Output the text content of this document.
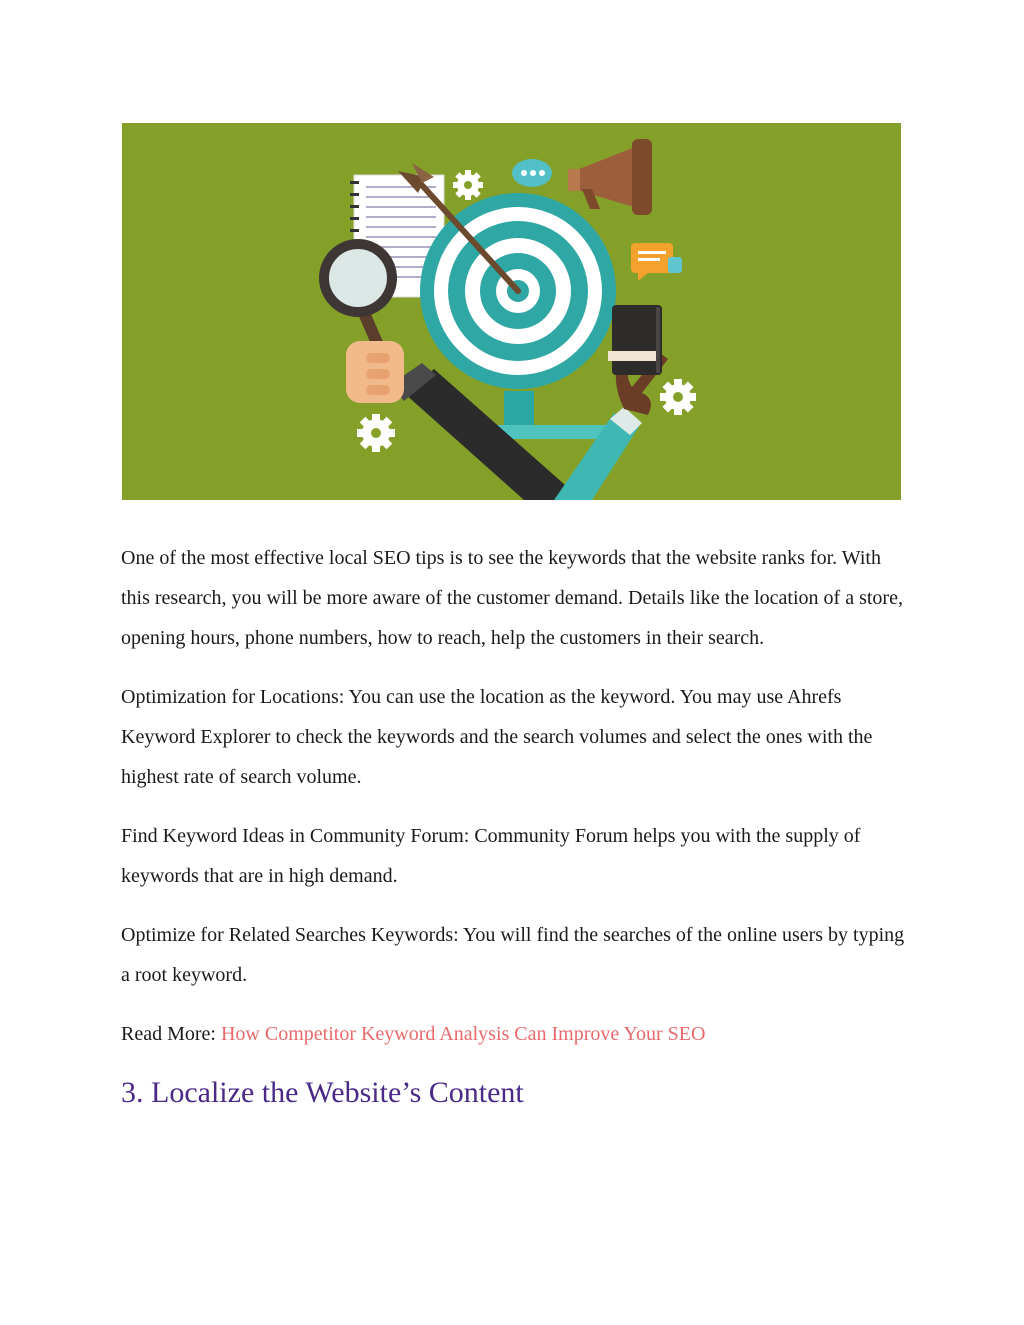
One of the most effective local SEO tips is to see the keywords that the website ranks for. With this research, you will be more aware of the customer demand. Details like the location of a store, opening hours, phone numbers, how to reach, help the customers in their search.

Optimization for Locations: You can use the location as the keyword. You may use Ahrefs Keyword Explorer to check the keywords and the search volumes and select the ones with the highest rate of search volume.

Find Keyword Ideas in Community Forum: Community Forum helps you with the supply of keywords that are in high demand.

Optimize for Related Searches Keywords: You will find the searches of the online users by typing a root keyword.

Read More: How Competitor Keyword Analysis Can Improve Your SEO

3. Localize the Website’s Content
